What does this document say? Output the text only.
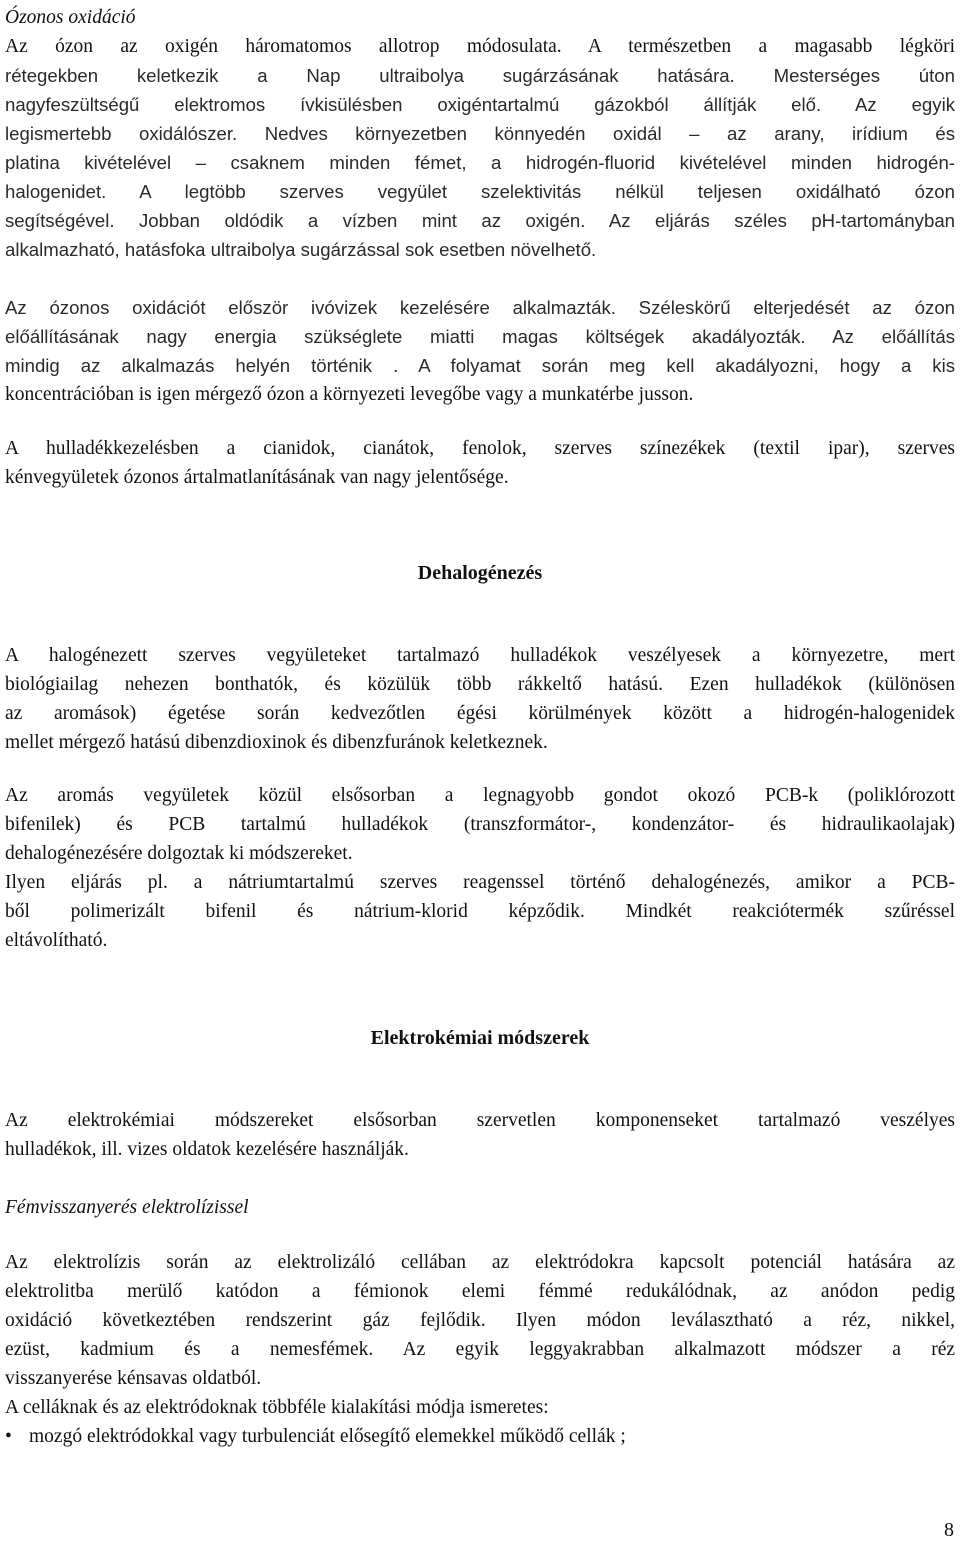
Ózonos oxidáció
Az ózon az oxigén háromatomos allotrop módosulata. A természetben a magasabb légköri
rétegekben keletkezik a Nap ultraibolya sugárzásának hatására. Mesterséges úton
nagyfeszültségű elektromos ívkisülésben oxigéntartalmú gázokból állítják elő. Az egyik
legismertebb oxidálószer. Nedves környezetben könnyedén oxidál – az arany, irídium és
platina kivételével – csaknem minden fémet, a hidrogén-fluorid kivételével minden hidrogén-
halogenidet. A legtöbb szerves vegyület szelektivitás nélkül teljesen oxidálható ózon
segítségével. Jobban oldódik a vízben mint az oxigén. Az eljárás széles pH-tartományban
alkalmazható, hatásfoka ultraibolya sugárzással sok esetben növelhető.
Az ózonos oxidációt először ivóvizek kezelésére alkalmazták. Széleskörű elterjedését az ózon
előállításának nagy energia szükséglete miatti magas költségek akadályozták. Az előállítás
mindig az alkalmazás helyén történik . A folyamat során meg kell akadályozni, hogy a kis
koncentrációban is igen mérgező ózon a környezeti levegőbe vagy a munkatérbe jusson.
A hulladékkezelésben a cianidok, cianátok, fenolok, szerves színezékek (textil ipar), szerves
kénvegyületek ózonos ártalmatlanításának van nagy jelentősége.
Dehalogénezés
A halogénezett szerves vegyületeket tartalmazó hulladékok veszélyesek a környezetre, mert
biológiailag nehezen bonthatók, és közülük több rákkeltő hatású. Ezen hulladékok (különösen
az aromások) égetése során kedvezőtlen égési körülmények között a hidrogén-halogenidek
mellet mérgező hatású dibenzdioxinok és dibenzfuránok keletkeznek.
Az aromás vegyületek közül elsősorban a legnagyobb gondot okozó PCB-k (poliklórozott
bifenilek) és PCB tartalmú hulladékok (transzformátor-, kondenzátor- és hidraulikaolajak)
dehalogénezésére dolgoztak ki módszereket.
Ilyen eljárás pl. a nátriumtartalmú szerves reagenssel történő dehalogénezés, amikor a PCB-
ből polimerizált bifenil és nátrium-klorid képződik. Mindkét reakciótermék szűréssel
eltávolítható.
Elektrokémiai módszerek
Az elektrokémiai módszereket elsősorban szervetlen komponenseket tartalmazó veszélyes
hulladékok, ill. vizes oldatok kezelésére használják.
Fémvisszanyerés elektrolízissel
Az elektrolízis során az elektrolizáló cellában az elektródokra kapcsolt potenciál hatására az
elektrolitba merülő katódon a fémionok elemi fémmé redukálódnak, az anódon pedig
oxidáció következtében rendszerint gáz fejlődik. Ilyen módon leválasztható a réz, nikkel,
ezüst, kadmium és a nemesfémek. Az egyik leggyakrabban alkalmazott módszer a réz
visszanyerése kénsavas oldatból.
A celláknak és az elektródoknak többféle kialakítási módja ismeretes:
• mozgó elektródokkal vagy turbulenciát elősegítő elemekkel működő cellák ;
8
